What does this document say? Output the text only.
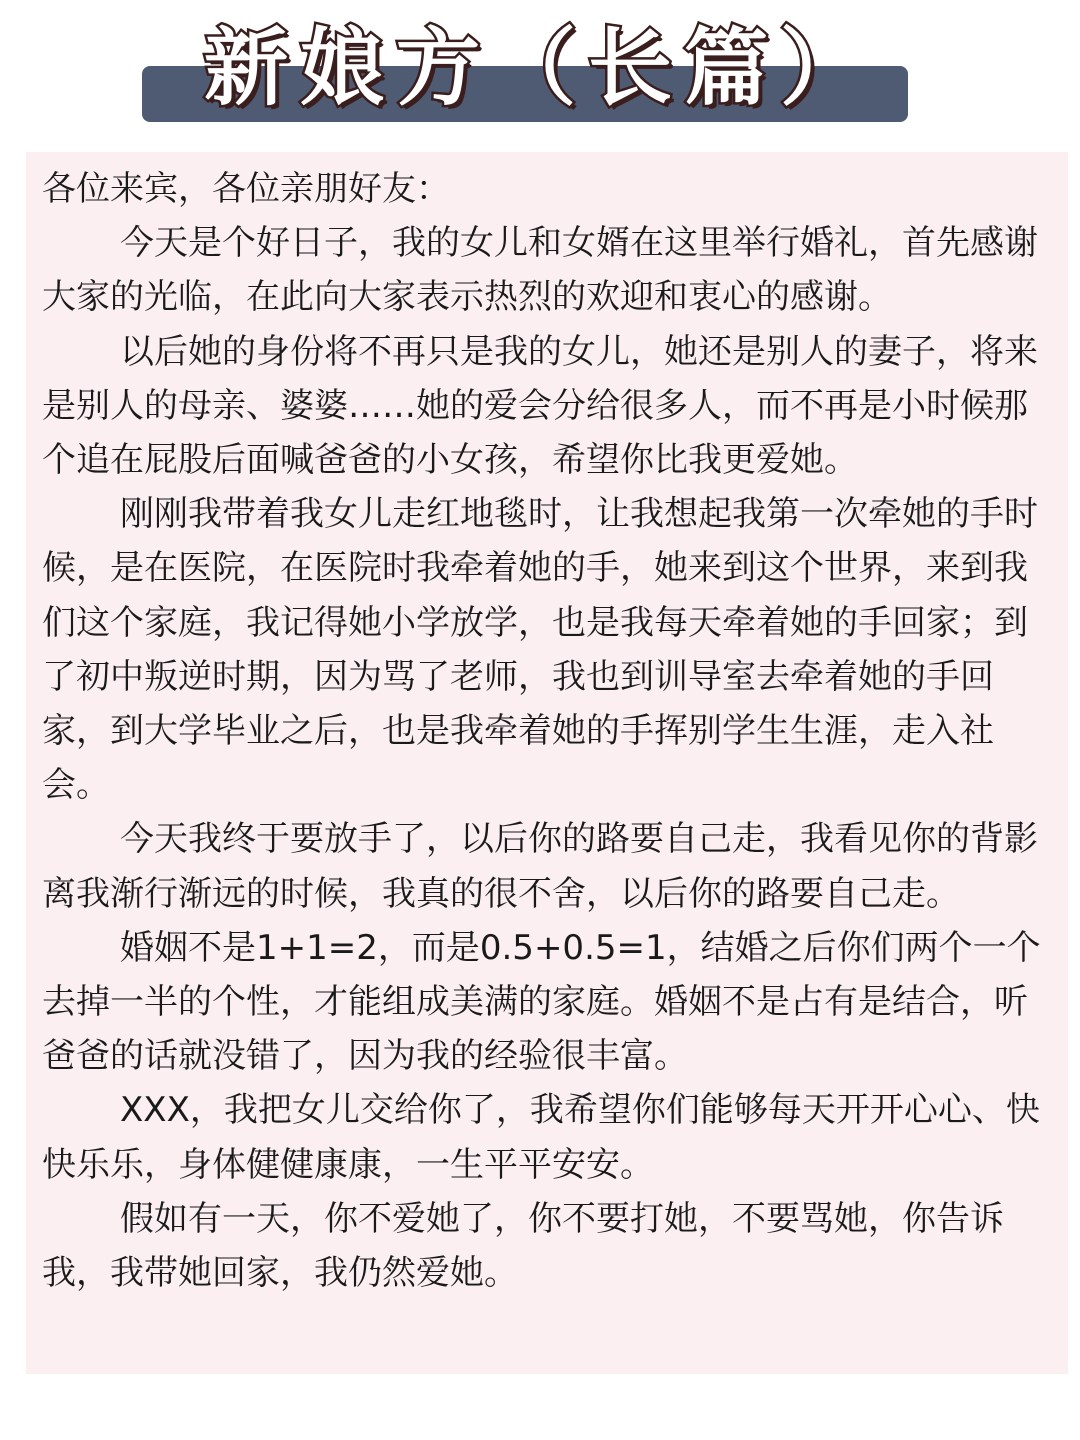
新娘方（长篇）

各位来宾，各位亲朋好友：

今天是个好日子，我的女儿和女婿在这里举行婚礼，首先感谢大家的光临，在此向大家表示热烈的欢迎和衷心的感谢。

以后她的身份将不再只是我的女儿，她还是别人的妻子，将来是别人的母亲、婆婆……她的爱会分给很多人，而不再是小时候那个追在屁股后面喊爸爸的小女孩，希望你比我更爱她。

刚刚我带着我女儿走红地毯时，让我想起我第一次牵她的手时候，是在医院，在医院时我牵着她的手，她来到这个世界，来到我们这个家庭，我记得她小学放学，也是我每天牵着她的手回家；到了初中叛逆时期，因为骂了老师，我也到训导室去牵着她的手回家，到大学毕业之后，也是我牵着她的手挥别学生生涯，走入社会。

今天我终于要放手了，以后你的路要自己走，我看见你的背影离我渐行渐远的时候，我真的很不舍，以后你的路要自己走。

婚姻不是1+1=2，而是0.5+0.5=1，结婚之后你们两个一个去掉一半的个性，才能组成美满的家庭。婚姻不是占有是结合，听爸爸的话就没错了，因为我的经验很丰富。

XXX，我把女儿交给你了，我希望你们能够每天开开心心、快快乐乐，身体健健康康，一生平平安安。

假如有一天，你不爱她了，你不要打她，不要骂她，你告诉我，我带她回家，我仍然爱她。
